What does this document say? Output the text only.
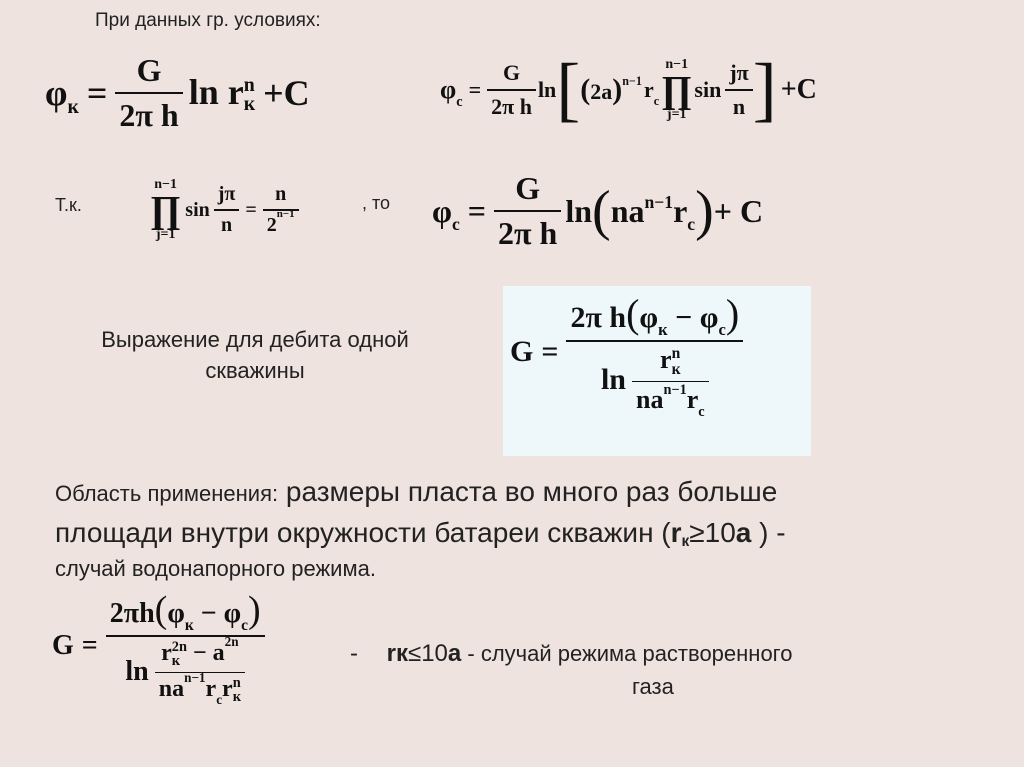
При данных гр. условиях:
$\varphi_к = \frac{G}{\text{2π h}}$ ln r n
к +C	$\varphi_c = \frac{G}{\text{2π h}}$ ln [ $(2a)^{n-1}$ $r_c$
n−1
∏
j=1
$\sin \frac{j\pi}{n}$ ] +C
Т.к.
n−1
∏
j=1
$\sin \frac{j\pi}{n} = \frac{n}{2^{n-1}}$	, то $\varphi_c = \frac{G}{\text{2π h}}$ ln ( $na^{n-1}r_c$ ) + C
Выражение для дебита одной
скважины
G = 2π $h(\varphi_к - \varphi_c)$
ln r n
к
$na^{n-1}r_c$
Область применения: размеры пласта во много раз больше
площади внутри окружности батареи скважин (rк≥10a ) -
случай водонапорного режима.
$G = 2\pi h(\varphi_к - \varphi_c)$
ln r 2n
$к - a^{2n}$
$na^{n-1}r_cr$ n
к	- rк≤10a - случай режима растворенного
газа
